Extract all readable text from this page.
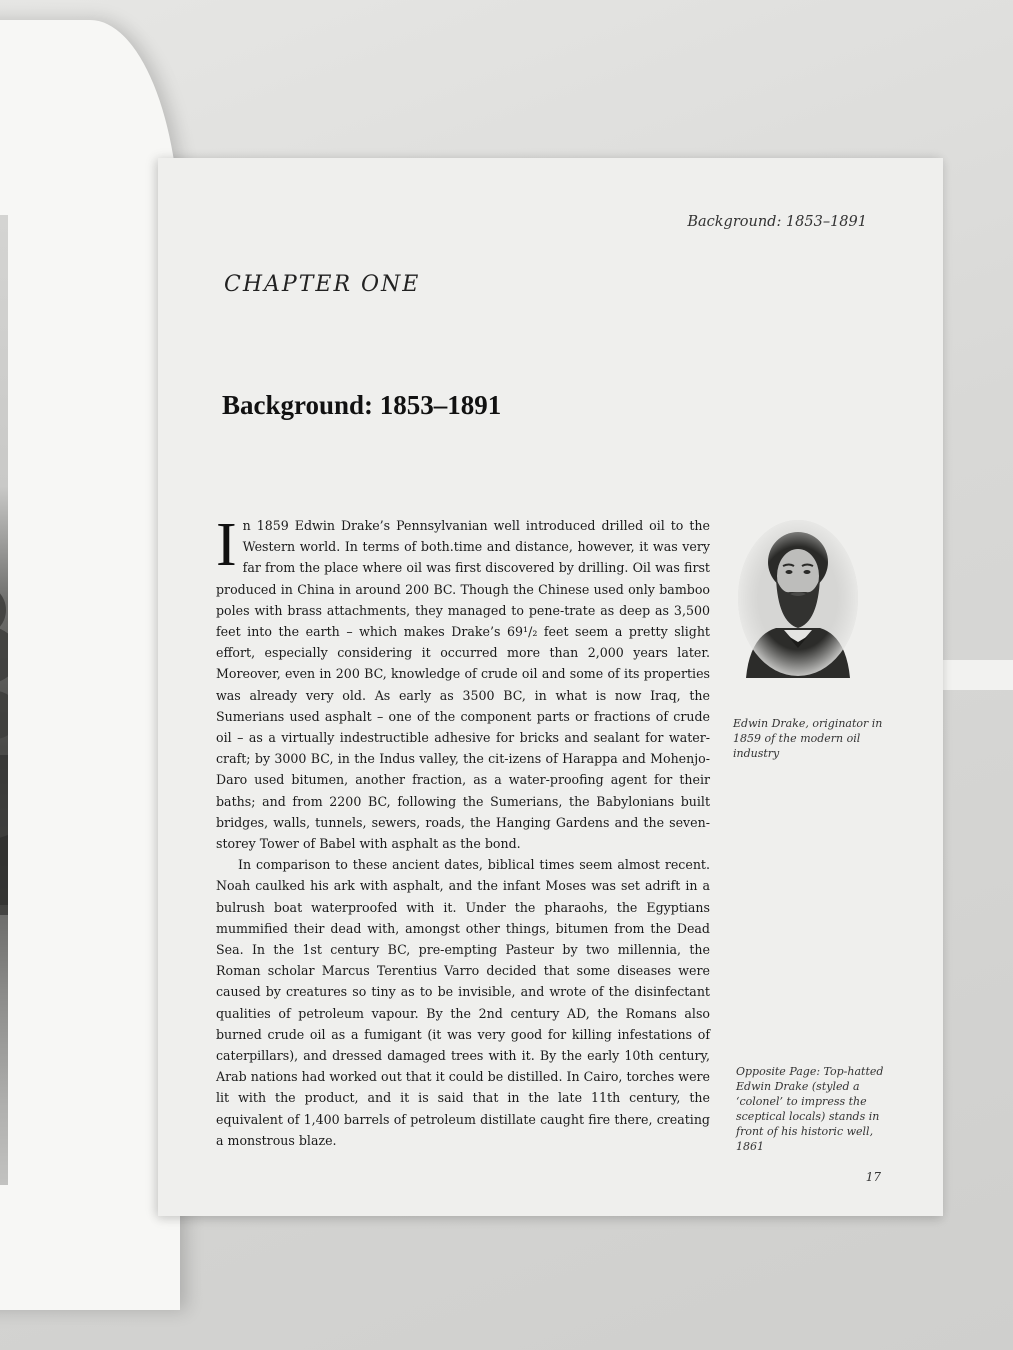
Background: 1853–1891
CHAPTER ONE
Background: 1853–1891

In 1859 Edwin Drake’s Pennsylvanian well introduced drilled oil to the Western world. In terms of both.time and distance, however, it was very far from the place where oil was first discovered by drilling. Oil was first produced in China in around 200 BC. Though the Chinese used only bamboo poles with brass attachments, they managed to pene-trate as deep as 3,500 feet into the earth – which makes Drake’s 69¹/₂ feet seem a pretty slight effort, especially considering it occurred more than 2,000 years later. Moreover, even in 200 BC, knowledge of crude oil and some of its properties was already very old. As early as 3500 BC, in what is now Iraq, the Sumerians used asphalt – one of the component parts or fractions of crude oil – as a virtually indestructible adhesive for bricks and sealant for water-craft; by 3000 BC, in the Indus valley, the cit-izens of Harappa and Mohenjo-Daro used bitumen, another fraction, as a water-proofing agent for their baths; and from 2200 BC, following the Sumerians, the Babylonians built bridges, walls, tunnels, sewers, roads, the Hanging Gardens and the seven-storey Tower of Babel with asphalt as the bond.

In comparison to these ancient dates, biblical times seem almost recent. Noah caulked his ark with asphalt, and the infant Moses was set adrift in a bulrush boat waterproofed with it. Under the pharaohs, the Egyptians mummified their dead with, amongst other things, bitumen from the Dead Sea. In the 1st century BC, pre-empting Pasteur by two millennia, the Roman scholar Marcus Terentius Varro decided that some diseases were caused by creatures so tiny as to be invisible, and wrote of the disinfectant qualities of petroleum vapour. By the 2nd century AD, the Romans also burned crude oil as a fumigant (it was very good for killing infestations of caterpillars), and dressed damaged trees with it. By the early 10th century, Arab nations had worked out that it could be distilled. In Cairo, torches were lit with the product, and it is said that in the late 11th century, the equivalent of 1,400 barrels of petroleum distillate caught fire there, creating a monstrous blaze.

Edwin Drake, originator in 1859 of the modern oil industry

Opposite Page: Top-hatted Edwin Drake (styled a ‘colonel’ to impress the sceptical locals) stands in front of his historic well, 1861

17
